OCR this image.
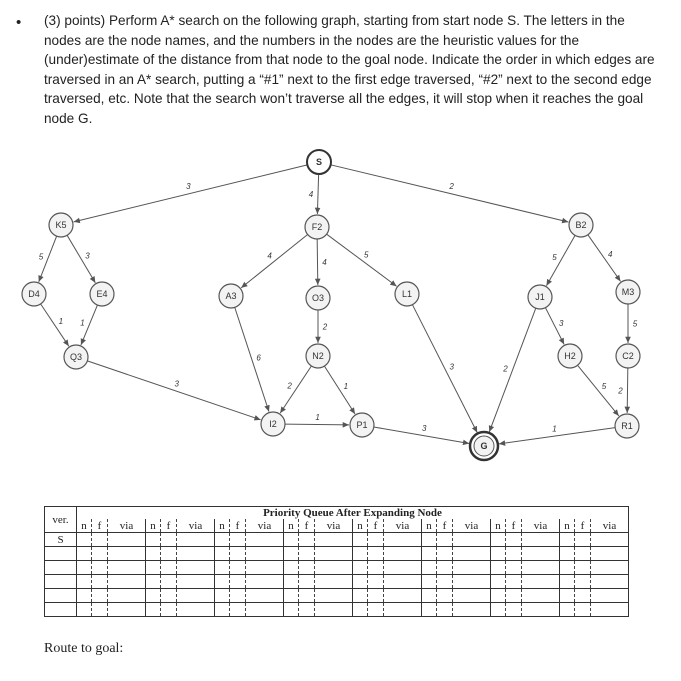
• (3) points) Perform A* search on the following graph, starting from start node S. The letters in the nodes are the node names, and the numbers in the nodes are the heuristic values for the (under)estimate of the distance from that node to the goal node. Indicate the order in which edges are traversed in an A* search, putting a “#1” next to the first edge traversed, “#2” next to the second edge traversed, etc. Note that the search won’t traverse all the edges, it will stop when it reaches the goal node G.
3
4
2
5	3
1 1
3
4
4
5
6
2
2	1
1
3
3	2
1
5	4
3
5
5
2
S
K5	F2	B2
D4	E4	A3	O3	L1	J1	M3
Q3	N2	H2	C2
I2	P1	R1
G
ver.	Priority Queue After Expanding Node																							
	n	f	via	n	f	via	n	f	via	n	f	via	n	f	via	n	f	via	n	f	via	n	f	via
S																								

Route to goal:
